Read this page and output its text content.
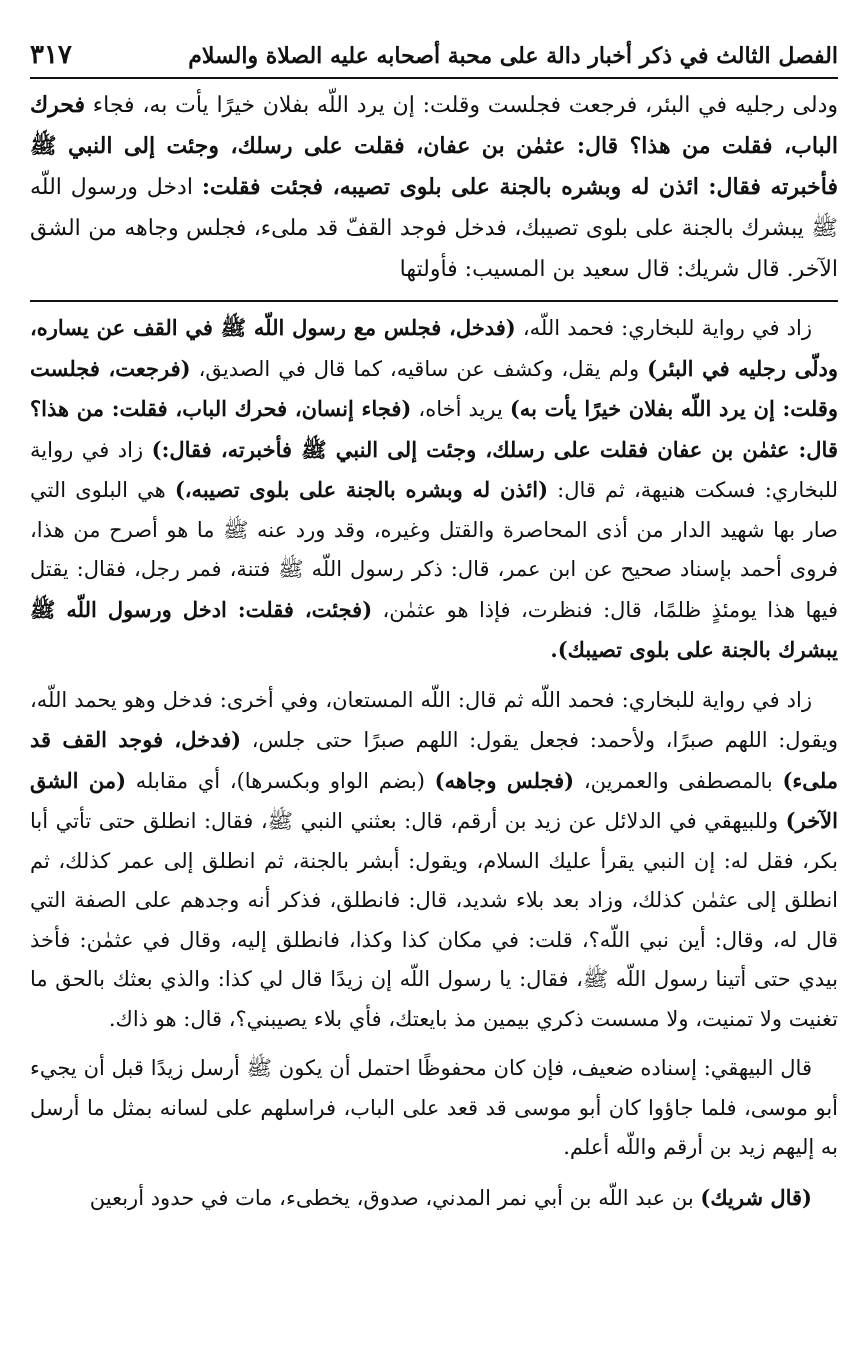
الفصل الثالث في ذكر أخبار دالة على محبة أصحابه عليه الصلاة والسلام
٣١٧
ودلى رجليه في البئر، فرجعت فجلست وقلت: إن يرد اللّه بفلان خيرًا يأت به، فجاء فحرك الباب، فقلت من هذا؟ قال: عثمٰن بن عفان، فقلت على رسلك، وجئت إلى النبي ﷺ فأخبرته فقال: ائذن له وبشره بالجنة على بلوى تصيبه، فجئت فقلت: ادخل ورسول اللّه ﷺ يبشرك بالجنة على بلوى تصيبك، فدخل فوجد القفّ قد ملىء، فجلس وجاهه من الشق الآخر. قال شريك: قال سعيد بن المسيب: فأولتها

زاد في رواية للبخاري: فحمد اللّه، (فدخل، فجلس مع رسول اللّه ﷺ في القف عن يساره، ودلّى رجليه في البئر) ولم يقل، وكشف عن ساقيه، كما قال في الصديق، (فرجعت، فجلست وقلت: إن يرد اللّه بفلان خيرًا يأت به) يريد أخاه، (فجاء إنسان، فحرك الباب، فقلت: من هذا؟ قال: عثمٰن بن عفان فقلت على رسلك، وجئت إلى النبي ﷺ فأخبرته، فقال:) زاد في رواية للبخاري: فسكت هنيهة، ثم قال: (ائذن له وبشره بالجنة على بلوى تصيبه،) هي البلوى التي صار بها شهيد الدار من أذى المحاصرة والقتل وغيره، وقد ورد عنه ﷺ ما هو أصرح من هذا، فروى أحمد بإسناد صحيح عن ابن عمر، قال: ذكر رسول اللّه ﷺ فتنة، فمر رجل، فقال: يقتل فيها هذا يومئذٍ ظلمًا، قال: فنظرت، فإذا هو عثمٰن، (فجئت، فقلت: ادخل ورسول اللّه ﷺ يبشرك بالجنة على بلوى تصيبك).

زاد في رواية للبخاري: فحمد اللّه ثم قال: اللّه المستعان، وفي أخرى: فدخل وهو يحمد اللّه، ويقول: اللهم صبرًا، ولأحمد: فجعل يقول: اللهم صبرًا حتى جلس، (فدخل، فوجد القف قد ملىء) بالمصطفى والعمرين، (فجلس وجاهه) (بضم الواو وبكسرها)، أي مقابله (من الشق الآخر) وللبيهقي في الدلائل عن زيد بن أرقم، قال: بعثني النبي ﷺ، فقال: انطلق حتى تأتي أبا بكر، فقل له: إن النبي يقرأ عليك السلام، ويقول: أبشر بالجنة، ثم انطلق إلى عمر كذلك، ثم انطلق إلى عثمٰن كذلك، وزاد بعد بلاء شديد، قال: فانطلق، فذكر أنه وجدهم على الصفة التي قال له، وقال: أين نبي اللّه؟، قلت: في مكان كذا وكذا، فانطلق إليه، وقال في عثمٰن: فأخذ بيدي حتى أتينا رسول اللّه ﷺ، فقال: يا رسول اللّه إن زيدًا قال لي كذا: والذي بعثك بالحق ما تغنيت ولا تمنيت، ولا مسست ذكري بيمين مذ بايعتك، فأي بلاء يصيبني؟، قال: هو ذاك.

قال البيهقي: إسناده ضعيف، فإن كان محفوظًا احتمل أن يكون ﷺ أرسل زيدًا قبل أن يجيء أبو موسى، فلما جاؤوا كان أبو موسى قد قعد على الباب، فراسلهم على لسانه بمثل ما أرسل به إليهم زيد بن أرقم واللّه أعلم.

(قال شريك) بن عبد اللّه بن أبي نمر المدني، صدوق، يخطىء، مات في حدود أربعين
